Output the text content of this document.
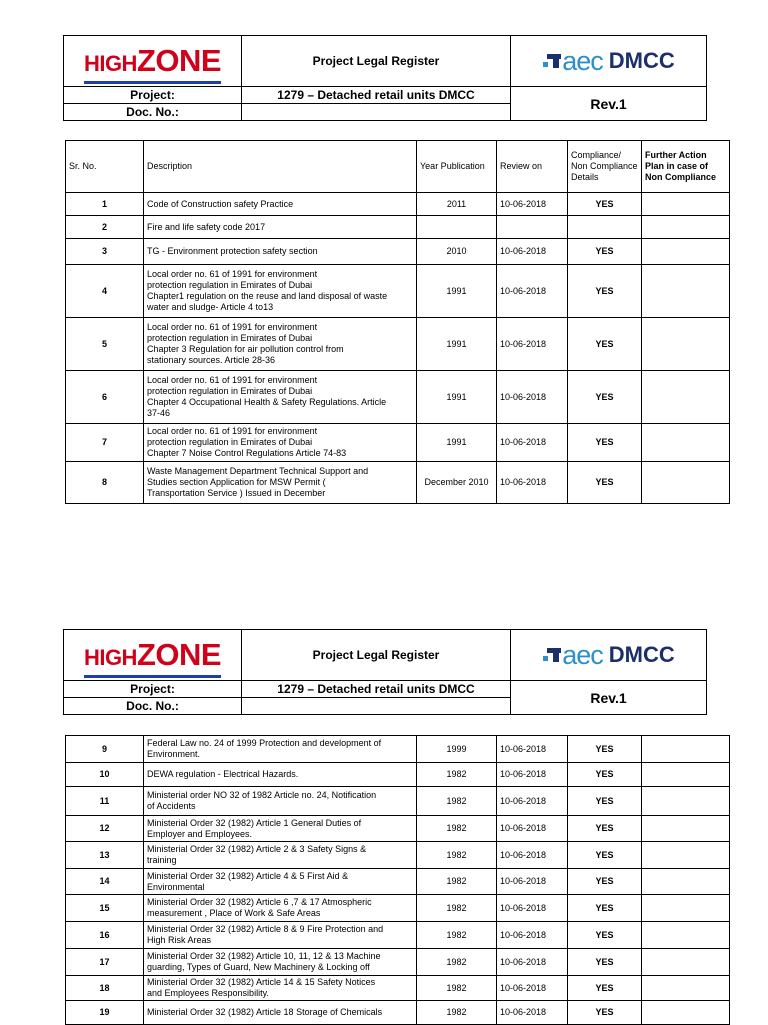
HIGHZONE	Project Legal Register	aec DMCC
Project:	1279 – Detached retail units DMCC	Rev.1
Doc. No.:		
Sr. No.	Description	Year Publication	Review on	Compliance/ Non Compliance Details	Further Action Plan in case of Non Compliance
1	Code of Construction safety Practice	2011	10-06-2018	YES	
2	Fire and life safety code 2017				
3	TG - Environment protection safety section	2010	10-06-2018	YES	
4	Local order no. 61 of 1991 for environment
protection regulation in Emirates of Dubai
Chapter1 regulation on the reuse and land disposal of waste
water and sludge- Article 4 to13	1991	10-06-2018	YES	
5	Local order no. 61 of 1991 for environment
protection regulation in Emirates of Dubai
Chapter 3 Regulation for air pollution control from
stationary sources. Article 28-36	1991	10-06-2018	YES	
6	Local order no. 61 of 1991 for environment
protection regulation in Emirates of Dubai
Chapter 4 Occupational Health & Safety Regulations. Article
37-46	1991	10-06-2018	YES	
7	Local order no. 61 of 1991 for environment
protection regulation in Emirates of Dubai
Chapter 7 Noise Control Regulations Article 74-83	1991	10-06-2018	YES	
8	Waste Management Department Technical Support and
Studies section Application for MSW Permit (
Transportation Service ) Issued in December	December 2010	10-06-2018	YES	
HIGHZONE	Project Legal Register	aec DMCC
Project:	1279 – Detached retail units DMCC	Rev.1
Doc. No.:		
9	Federal Law no. 24 of 1999 Protection and development of
Environment.	1999	10-06-2018	YES	
10	DEWA regulation - Electrical Hazards.	1982	10-06-2018	YES	
11	Ministerial order NO 32 of 1982 Article no. 24, Notification
of Accidents	1982	10-06-2018	YES	
12	Ministerial Order 32 (1982) Article 1 General Duties of
Employer and Employees.	1982	10-06-2018	YES	
13	Ministerial Order 32 (1982) Article 2 & 3 Safety Signs &
training	1982	10-06-2018	YES	
14	Ministerial Order 32 (1982) Article 4 & 5 First Aid &
Environmental	1982	10-06-2018	YES	
15	Ministerial Order 32 (1982) Article 6 ,7 & 17 Atmospheric
measurement , Place of Work & Safe Areas	1982	10-06-2018	YES	
16	Ministerial Order 32 (1982) Article 8 & 9 Fire Protection and
High Risk Areas	1982	10-06-2018	YES	
17	Ministerial Order 32 (1982) Article 10, 11, 12 & 13 Machine
guarding, Types of Guard, New Machinery & Locking off	1982	10-06-2018	YES	
18	Ministerial Order 32 (1982) Article 14 & 15 Safety Notices
and Employees Responsibility.	1982	10-06-2018	YES	
19	Ministerial Order 32 (1982) Article 18 Storage of Chemicals	1982	10-06-2018	YES	
